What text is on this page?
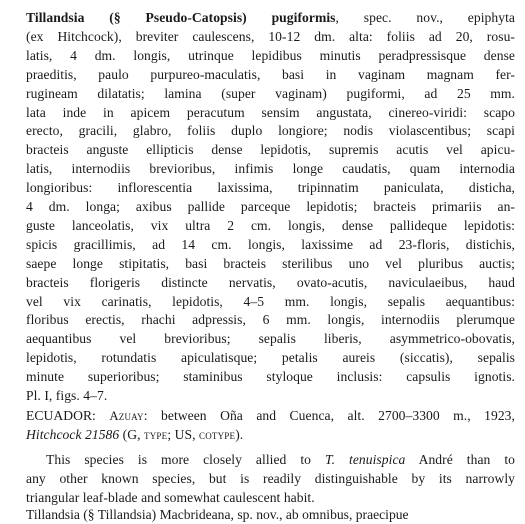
Tillandsia (§ Pseudo-Catopsis) pugiformis, spec. nov., epiphyta
(ex Hitchcock), breviter caulescens, 10-12 dm. alta: foliis ad 20, rosu-
latis, 4 dm. longis, utrinque lepidibus minutis peradpressisque dense
praeditis, paulo purpureo-maculatis, basi in vaginam magnam fer-
rugineam dilatatis; lamina (super vaginam) pugiformi, ad 25 mm.
lata inde in apicem peracutum sensim angustata, cinereo-viridi: scapo
erecto, gracili, glabro, foliis duplo longiore; nodis violascentibus; scapi
bracteis anguste ellipticis dense lepidotis, supremis acutis vel apicu-
latis, internodiis brevioribus, infimis longe caudatis, quam internodia
longioribus: inflorescentia laxissima, tripinnatim paniculata, disticha,
4 dm. longa; axibus pallide parceque lepidotis; bracteis primariis an-
guste lanceolatis, vix ultra 2 cm. longis, dense pallideque lepidotis:
spicis gracillimis, ad 14 cm. longis, laxissime ad 23-floris, distichis,
saepe longe stipitatis, basi bracteis sterilibus uno vel pluribus auctis;
bracteis florigeris distincte nervatis, ovato-acutis, naviculaeibus, haud
vel vix carinatis, lepidotis, 4–5 mm. longis, sepalis aequantibus:
floribus erectis, rhachi adpressis, 6 mm. longis, internodiis plerumque
aequantibus vel brevioribus; sepalis liberis, asymmetrico-obovatis,
lepidotis, rotundatis apiculatisque; petalis aureis (siccatis), sepalis
minute superioribus; staminibus styloque inclusis: capsulis ignotis.
Pl. I, figs. 4–7.
ECUADOR: Azuay: between Oña and Cuenca, alt. 2700–3300 m., 1923,
Hitchcock 21586 (G, type; US, cotype).
This species is more closely allied to T. tenuispica André than to
any other known species, but is readily distinguishable by its narrowly
triangular leaf-blade and somewhat caulescent habit.
Tillandsia (§ Tillandsia) Macbrideana, sp. nov., ab omnibus, praecipue
